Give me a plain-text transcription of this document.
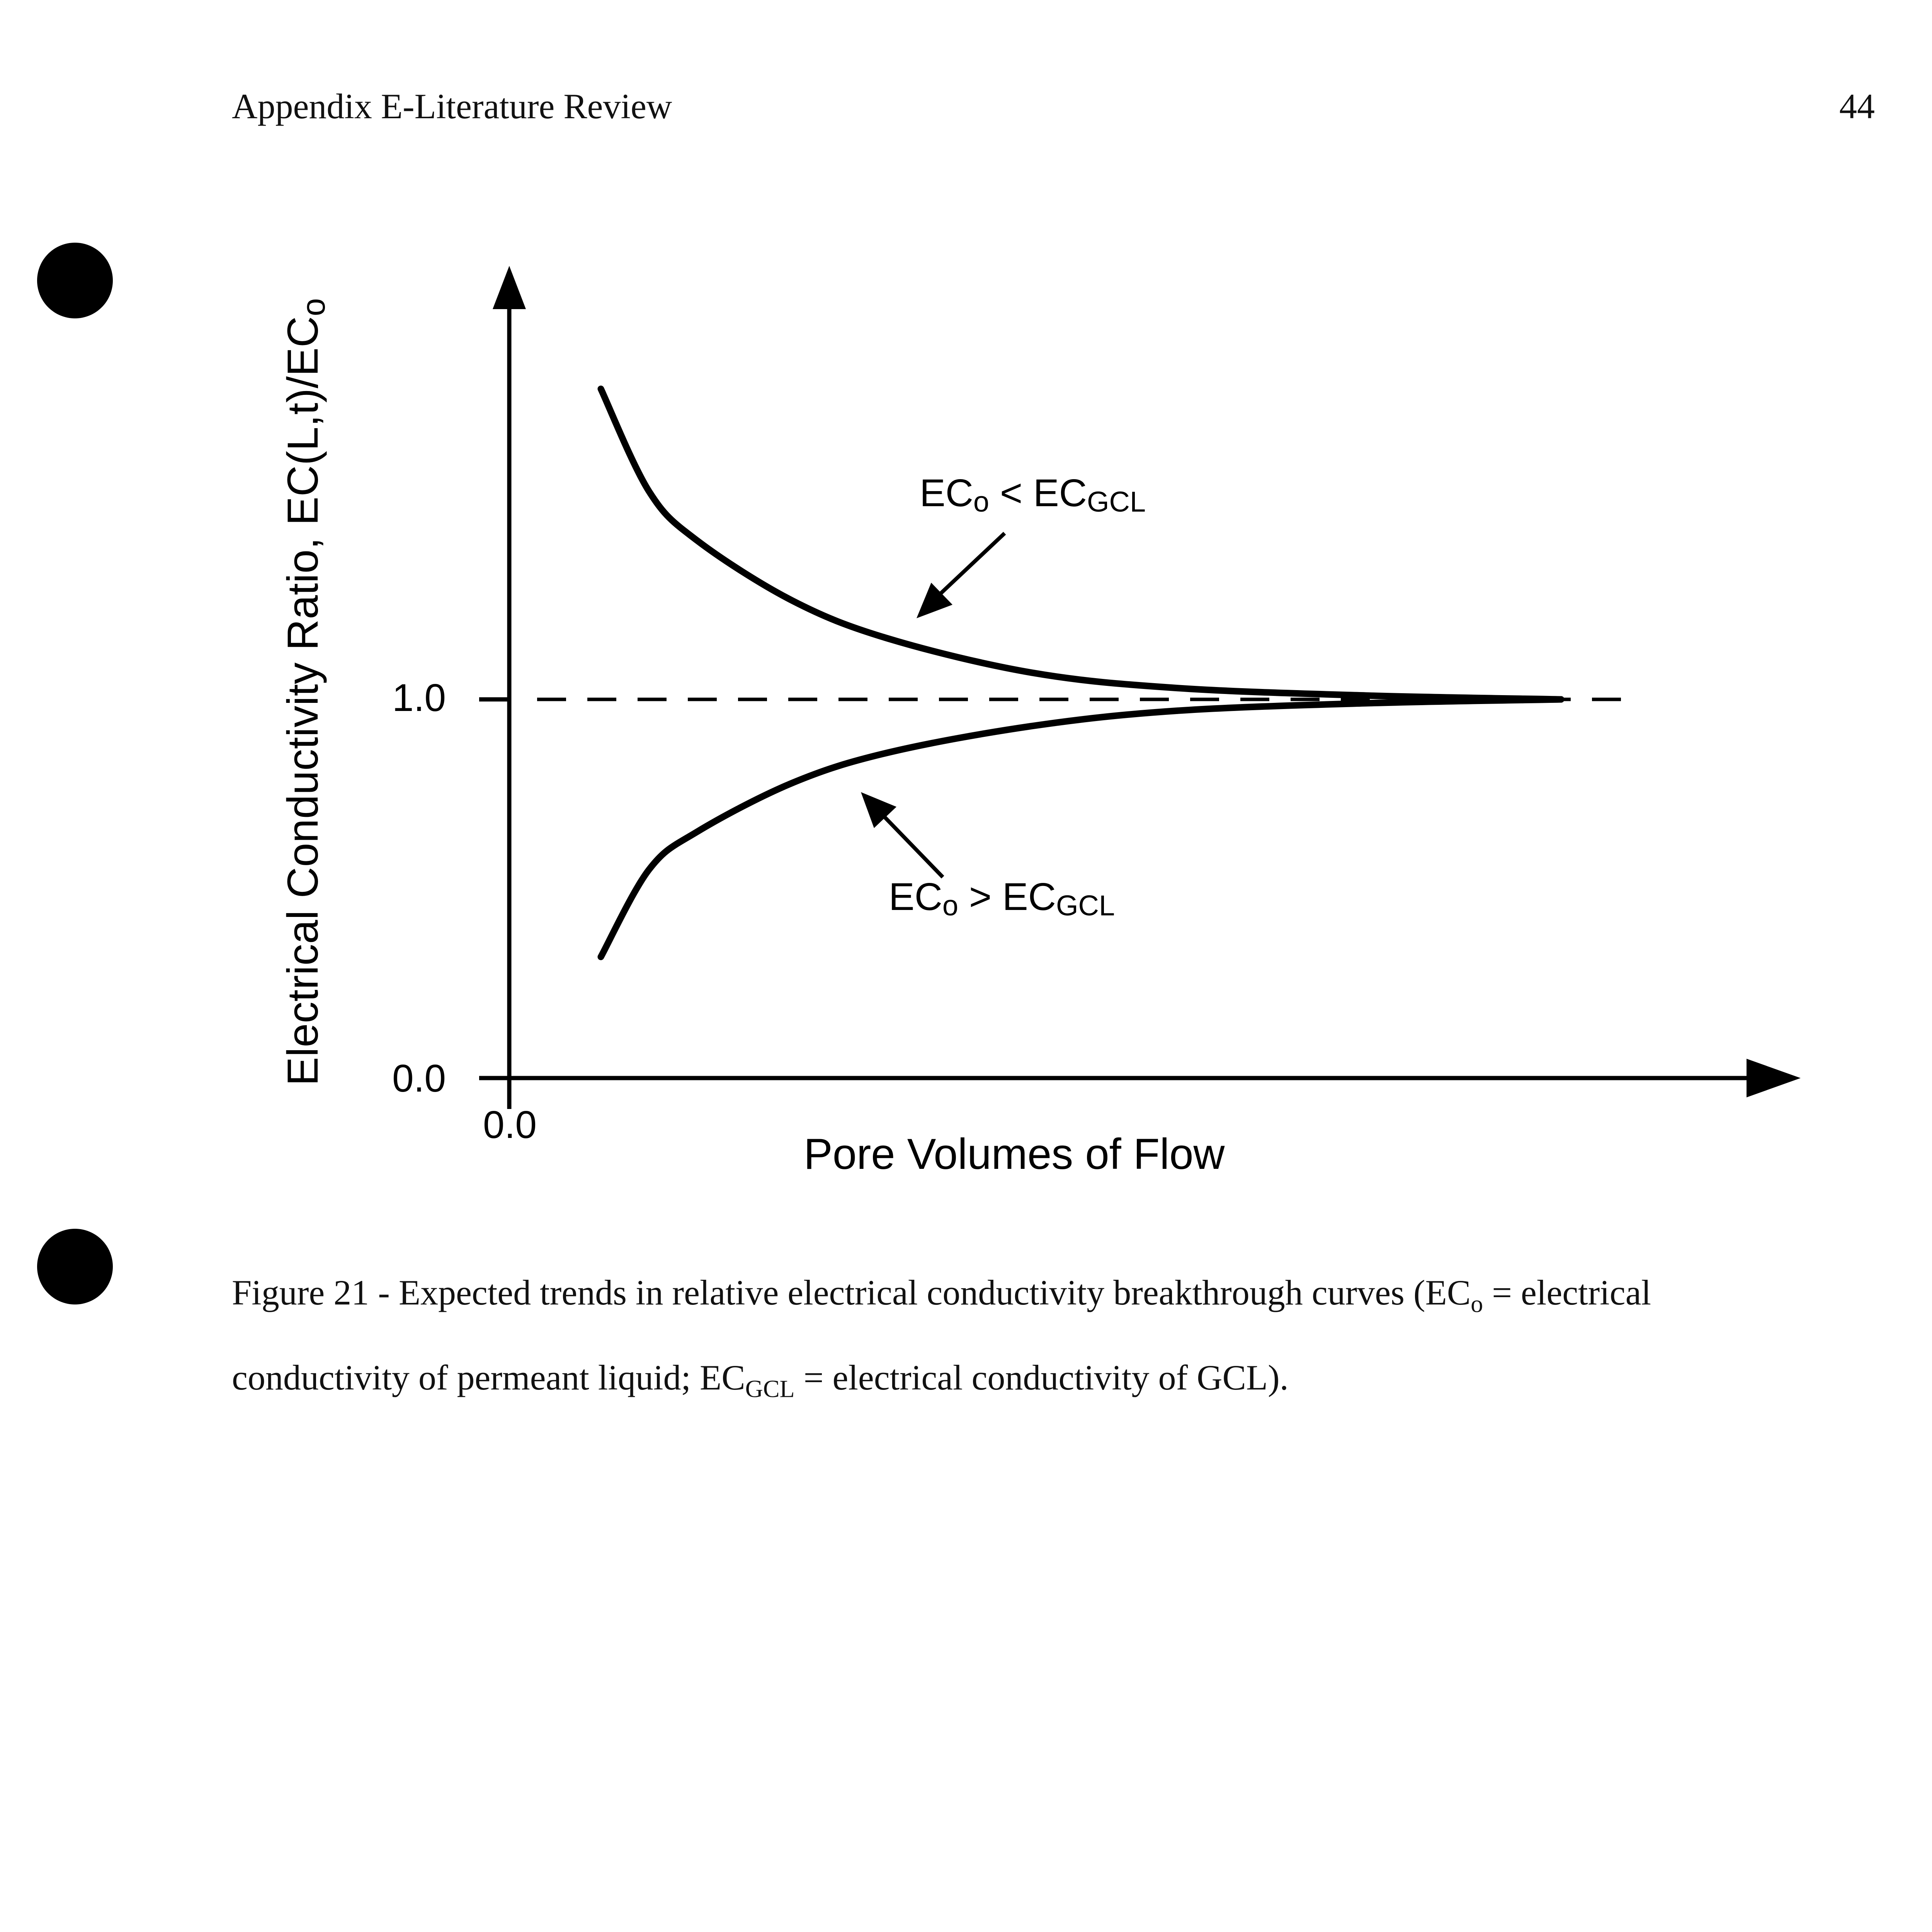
Appendix E-Literature Review	44
1.0
0.0
0.0
Pore Volumes of Flow
Electrical Conductivity Ratio, EC(L,t)/ECo
ECo < ECGCL
ECo > ECGCL
Figure 21 - Expected trends in relative electrical conductivity breakthrough curves ($EC_o$ = electrical
conductivity of permeant liquid; $EC_{GCL}$ = electrical conductivity of GCL).
